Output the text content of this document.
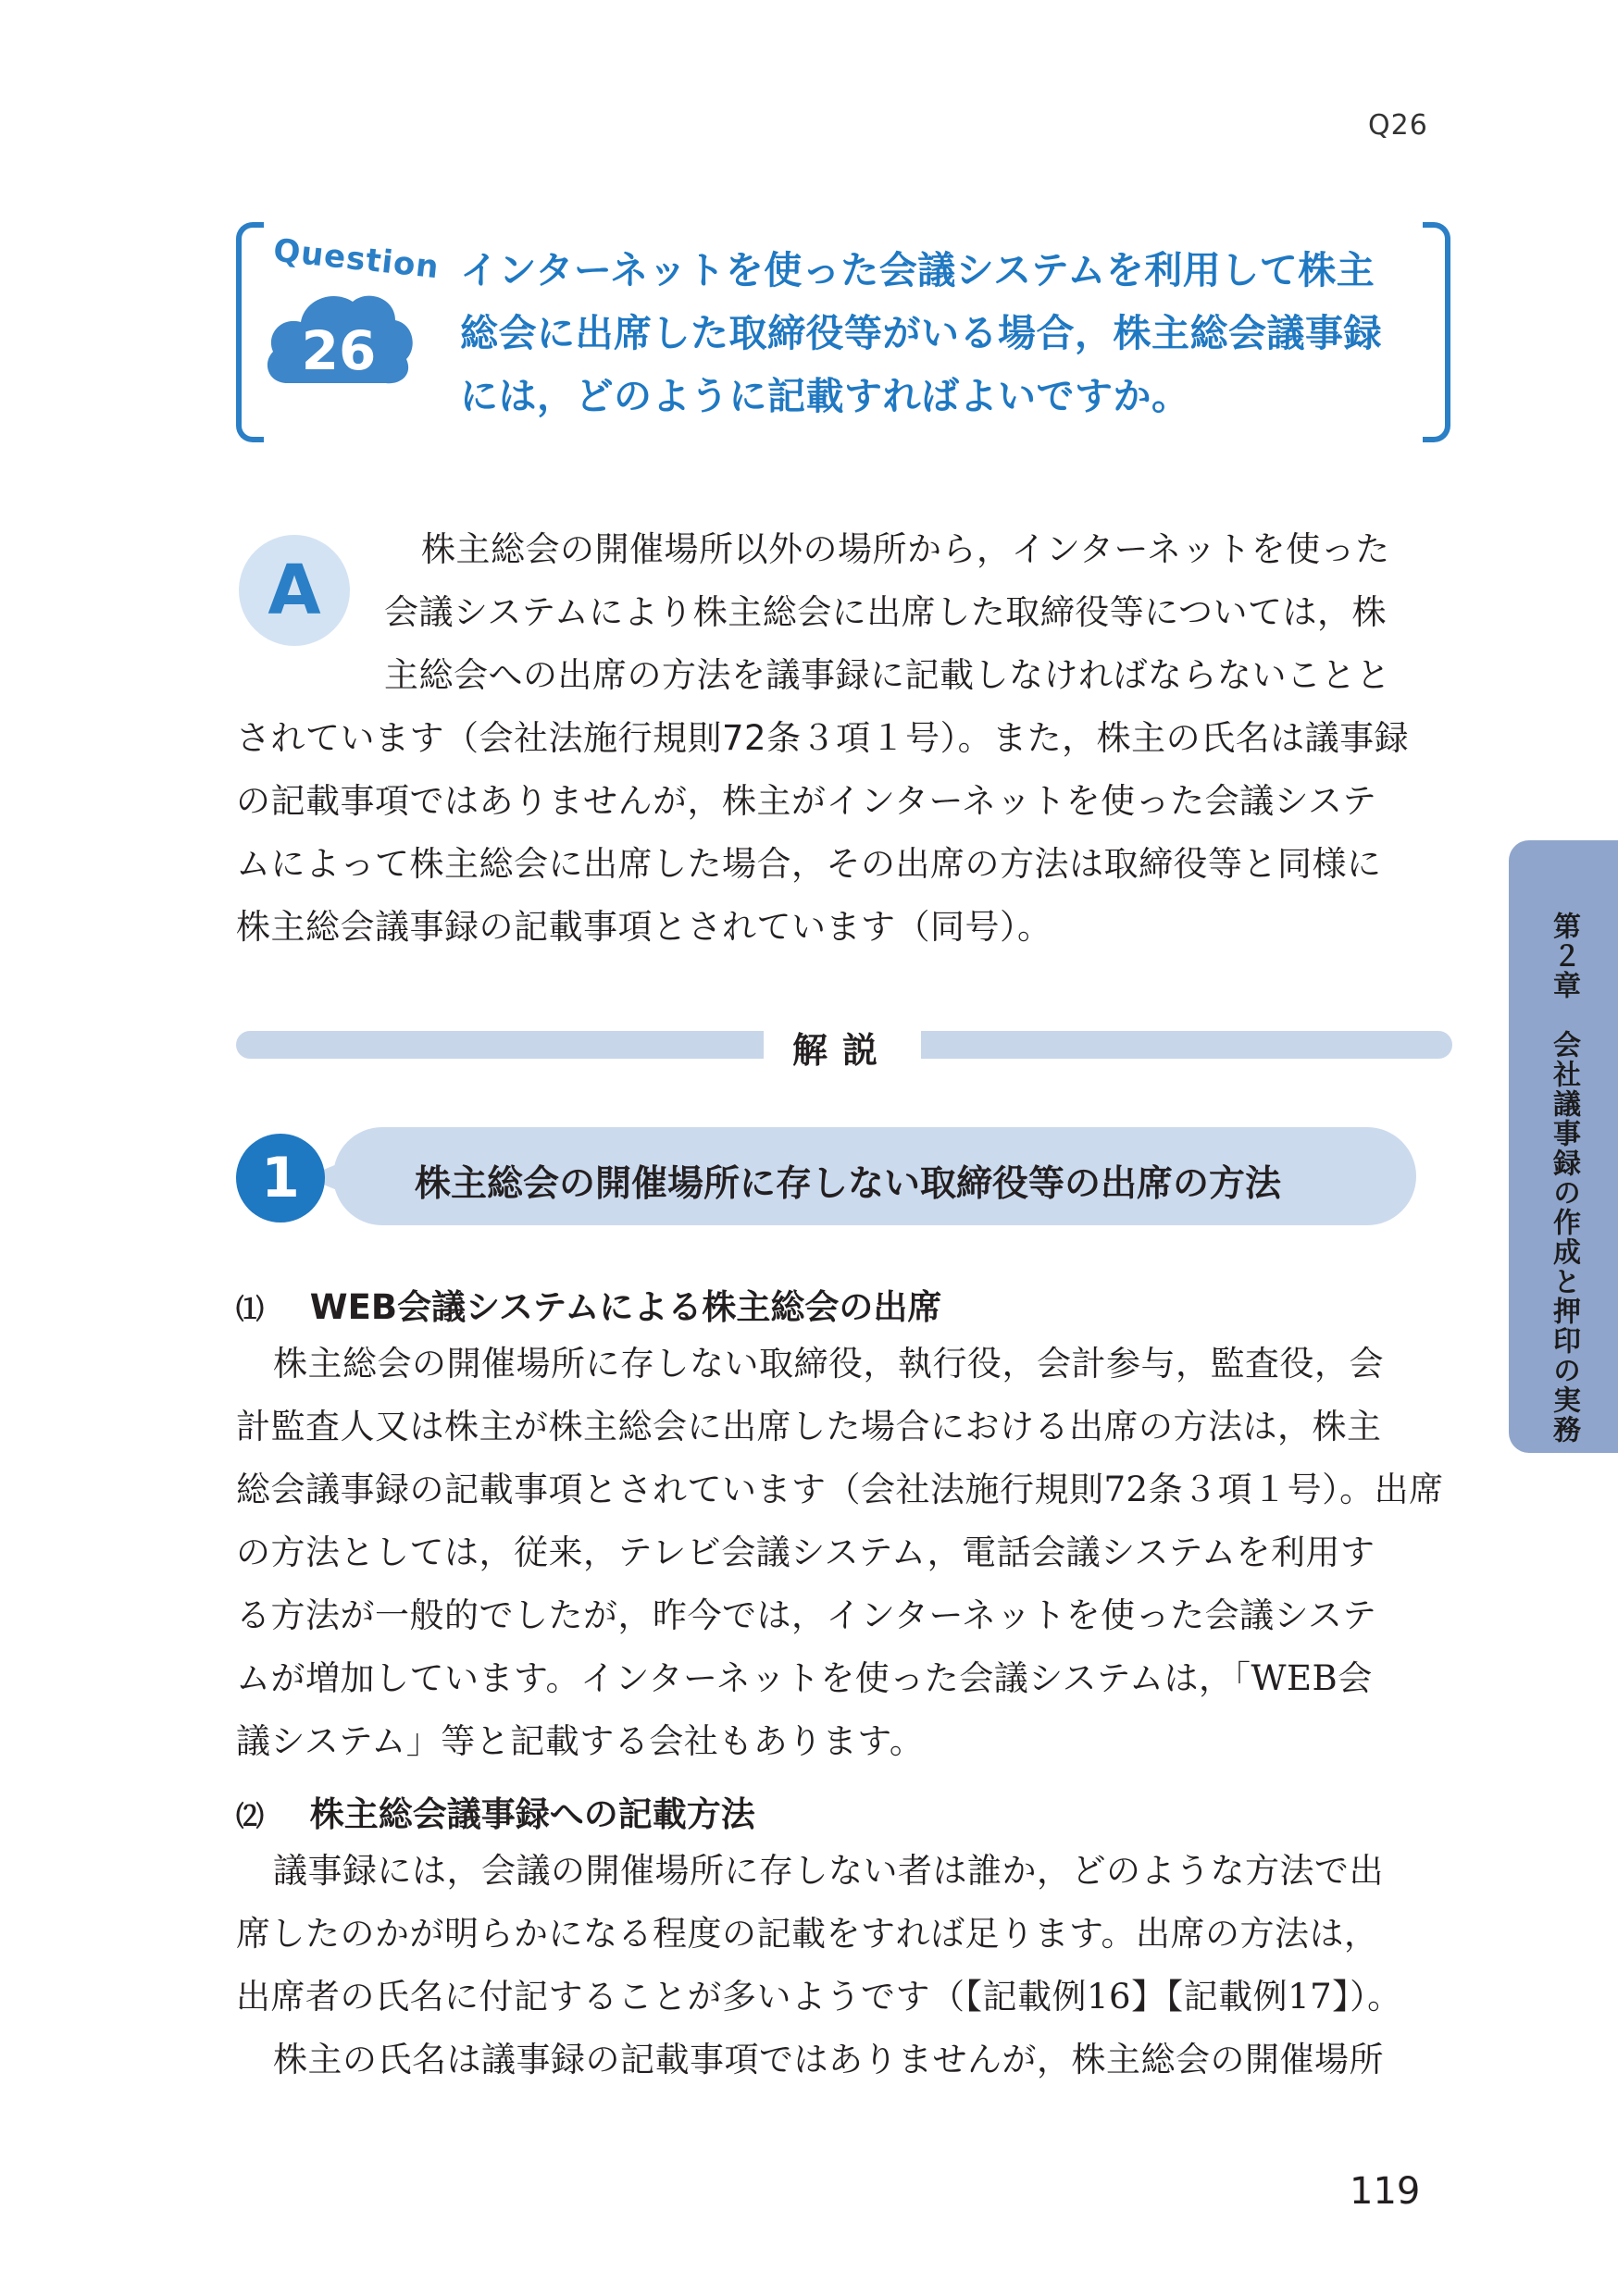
Q26
Question
26
インターネットを使った会議システムを利用して株主
総会に出席した取締役等がいる場合，株主総会議事録
には，どのように記載すればよいですか。
A
株主総会の開催場所以外の場所から，インターネットを使った
会議システムにより株主総会に出席した取締役等については，株
主総会への出席の方法を議事録に記載しなければならないことと
されています（会社法施行規則72条３項１号）。また，株主の氏名は議事録
の記載事項ではありませんが，株主がインターネットを使った会議システ
ムによって株主総会に出席した場合，その出席の方法は取締役等と同様に
株主総会議事録の記載事項とされています（同号）。
解説
1	株主総会の開催場所に存しない取締役等の出席の方法
⑴ WEB会議システムによる株主総会の出席
株主総会の開催場所に存しない取締役，執行役，会計参与，監査役，会
計監査人又は株主が株主総会に出席した場合における出席の方法は，株主
総会議事録の記載事項とされています（会社法施行規則72条３項１号）。出席
の方法としては，従来，テレビ会議システム，電話会議システムを利用す
る方法が一般的でしたが，昨今では，インターネットを使った会議システ
ムが増加しています。インターネットを使った会議システムは，「WEB会
議システム」等と記載する会社もあります。
⑵ 株主総会議事録への記載方法
議事録には，会議の開催場所に存しない者は誰か，どのような方法で出
席したのかが明らかになる程度の記載をすれば足ります。出席の方法は，
出席者の氏名に付記することが多いようです（【記載例16】【記載例17】）。
株主の氏名は議事録の記載事項ではありませんが，株主総会の開催場所
第２章　会社議事録の作成と押印の実務
119
